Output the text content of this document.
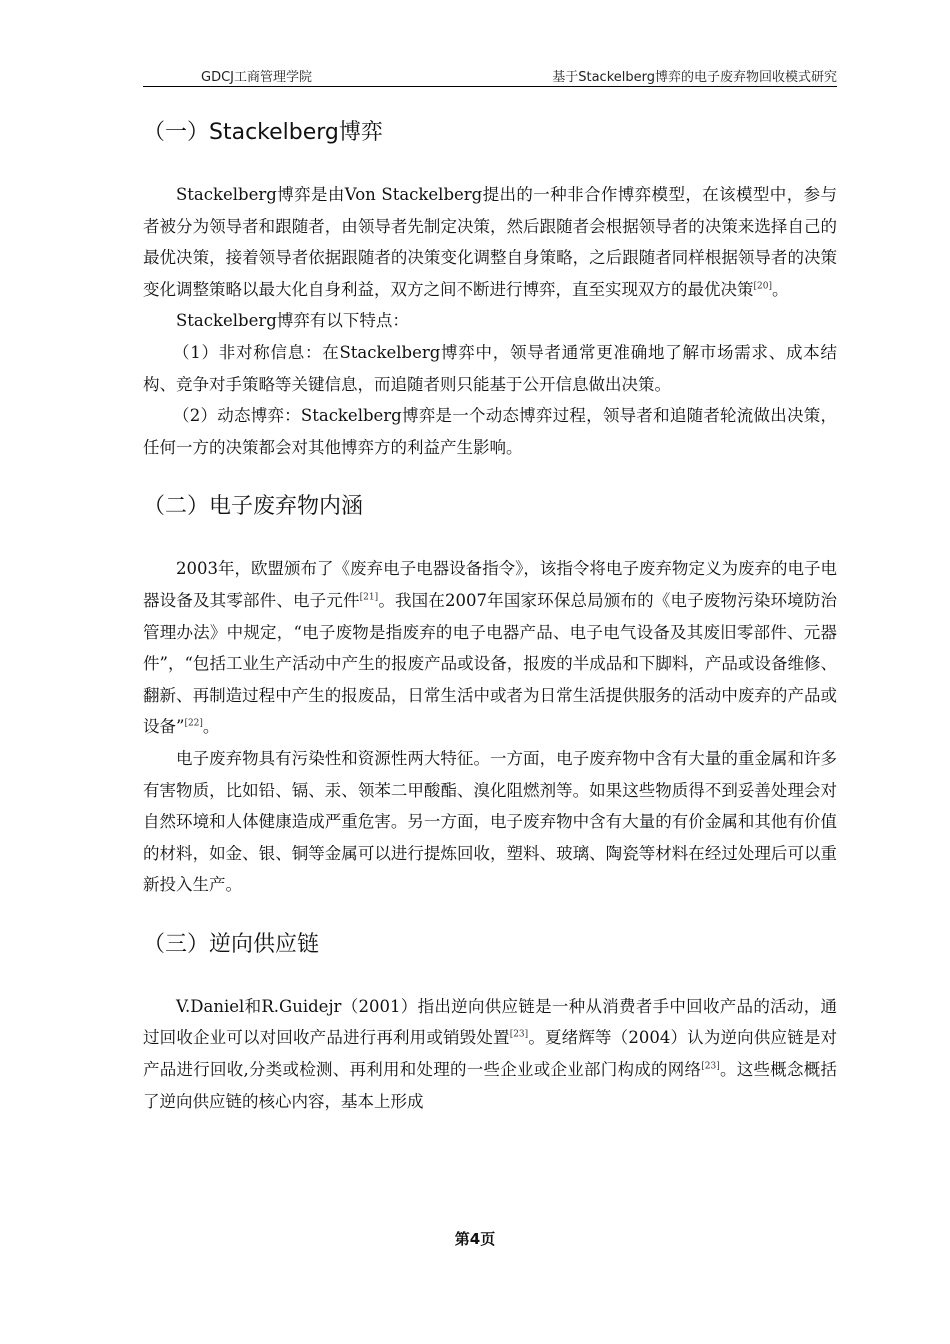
GDCJ工商管理学院	基于Stackelberg博弈的电子废弃物回收模式研究
（一）Stackelberg博弈

Stackelberg博弈是由Von Stackelberg提出的一种非合作博弈模型，在该模型中，参与者被分为领导者和跟随者，由领导者先制定决策，然后跟随者会根据领导者的决策来选择自己的最优决策，接着领导者依据跟随者的决策变化调整自身策略，之后跟随者同样根据领导者的决策变化调整策略以最大化自身利益，双方之间不断进行博弈，直至实现双方的最优决策[20]。

Stackelberg博弈有以下特点：

（1）非对称信息：在Stackelberg博弈中，领导者通常更准确地了解市场需求、成本结构、竞争对手策略等关键信息，而追随者则只能基于公开信息做出决策。

（2）动态博弈：Stackelberg博弈是一个动态博弈过程，领导者和追随者轮流做出决策，任何一方的决策都会对其他博弈方的利益产生影响。

（二）电子废弃物内涵

2003年，欧盟颁布了《废弃电子电器设备指令》，该指令将电子废弃物定义为废弃的电子电器设备及其零部件、电子元件[21]。我国在2007年国家环保总局颁布的《电子废物污染环境防治管理办法》中规定，“电子废物是指废弃的电子电器产品、电子电气设备及其废旧零部件、元器件”，“包括工业生产活动中产生的报废产品或设备，报废的半成品和下脚料，产品或设备维修、翻新、再制造过程中产生的报废品，日常生活中或者为日常生活提供服务的活动中废弃的产品或设备”[22]。

电子废弃物具有污染性和资源性两大特征。一方面，电子废弃物中含有大量的重金属和许多有害物质，比如铅、镉、汞、领苯二甲酸酯、溴化阻燃剂等。如果这些物质得不到妥善处理会对自然环境和人体健康造成严重危害。另一方面，电子废弃物中含有大量的有价金属和其他有价值的材料，如金、银、铜等金属可以进行提炼回收，塑料、玻璃、陶瓷等材料在经过处理后可以重新投入生产。

（三）逆向供应链

V.Daniel和R.Guidejr（2001）指出逆向供应链是一种从消费者手中回收产品的活动，通过回收企业可以对回收产品进行再利用或销毁处置[23]。夏绪辉等（2004）认为逆向供应链是对产品进行回收,分类或检测、再利用和处理的一些企业或企业部门构成的网络[23]。这些概念概括了逆向供应链的核心内容，基本上形成

第4页
